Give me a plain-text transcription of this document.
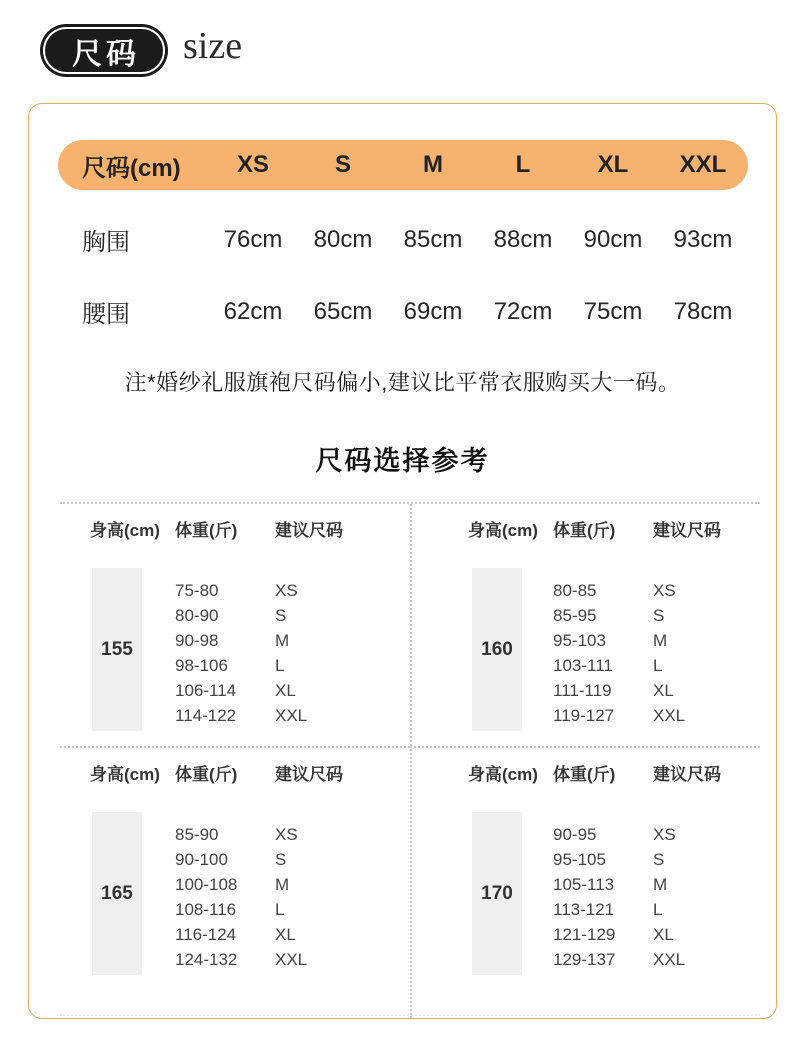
尺码 size
尺码(cm)	XS	S	M	L	XL	XXL
胸围	76cm	80cm	85cm	88cm	90cm	93cm
腰围	62cm	65cm	69cm	72cm	75cm	78cm
注*婚纱礼服旗袍尺码偏小,建议比平常衣服购买大一码。
尺码选择参考
身高(cm) 体重(斤)	建议尺码
155
75-80	XS
80-90	S
90-98	M
98-106	L
106-114	XL
114-122	XXL
身高(cm) 体重(斤)	建议尺码
160
80-85	XS
85-95	S
95-103	M
103-111	L
111-119	XL
119-127	XXL
身高(cm) 体重(斤)	建议尺码
165
85-90	XS
90-100	S
100-108	M
108-116	L
116-124	XL
124-132	XXL
身高(cm) 体重(斤)	建议尺码
170
90-95	XS
95-105	S
105-113	M
113-121	L
121-129	XL
129-137	XXL
